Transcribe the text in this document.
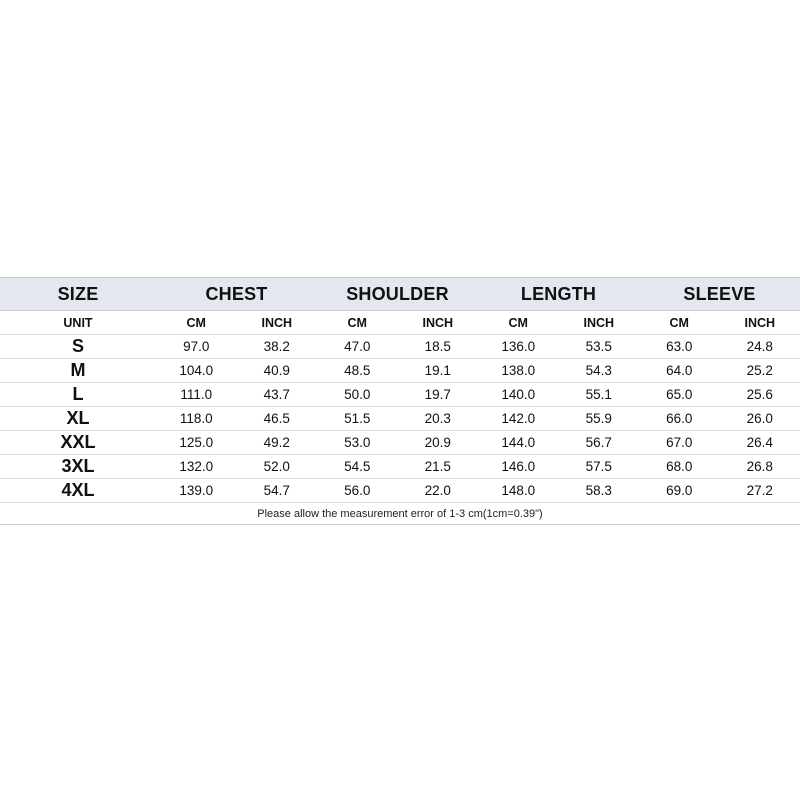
SIZE	CHEST	SHOULDER	LENGTH	SLEEVE
UNIT	CM	INCH	CM	INCH	CM	INCH	CM	INCH
S	97.0	38.2	47.0	18.5	136.0	53.5	63.0	24.8
M	104.0	40.9	48.5	19.1	138.0	54.3	64.0	25.2
L	111.0	43.7	50.0	19.7	140.0	55.1	65.0	25.6
XL	118.0	46.5	51.5	20.3	142.0	55.9	66.0	26.0
XXL	125.0	49.2	53.0	20.9	144.0	56.7	67.0	26.4
3XL	132.0	52.0	54.5	21.5	146.0	57.5	68.0	26.8
4XL	139.0	54.7	56.0	22.0	148.0	58.3	69.0	27.2
Please allow the measurement error of 1-3 cm(1cm=0.39")
